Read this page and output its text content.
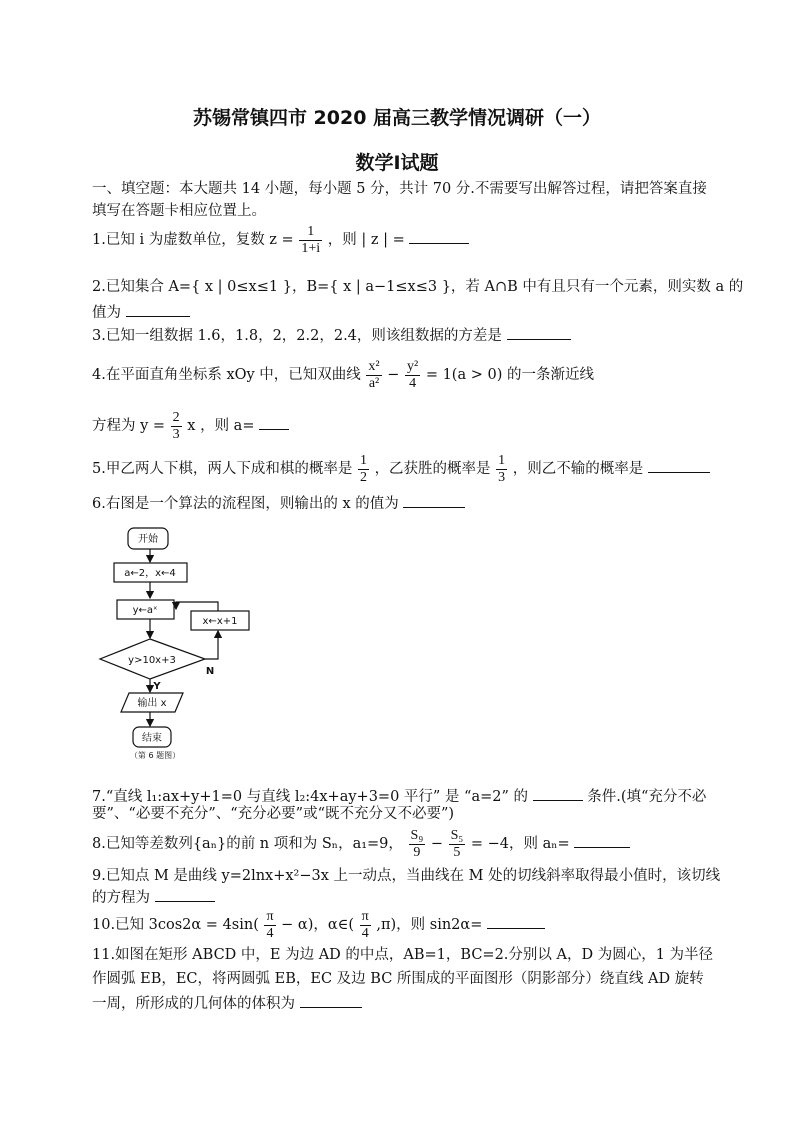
苏锡常镇四市 2020 届高三教学情况调研（一）
数学Ⅰ试题
一、填空题：本大题共 14 小题，每小题 5 分，共计 70 分.不需要写出解答过程，请把答案直接
填写在答题卡相应位置上。
1.已知 i 为虚数单位，复数 $z = \frac{1}{1+i}$ ，则 | z | =
2.已知集合 A={ x | 0≤x≤1 }，B={ x | a−1≤x≤3 }，若 A∩B 中有且只有一个元素，则实数 a 的
值为
3.已知一组数据 1.6，1.8，2，2.2，2.4，则该组数据的方差是
4.在平面直角坐标系 xOy 中，已知双曲线 $\frac{\text{x²}}{\text{a²}} - \frac{\text{y²}}{4} = 1(a > 0)$ 的一条渐近线
方程为 $y = \frac{2}{3}$ x ，则 a=
5.甲乙两人下棋，两人下成和棋的概率是 $\frac{1}{2}$ ，乙获胜的概率是 $\frac{1}{3}$ ，则乙不输的概率是
6.右图是一个算法的流程图，则输出的 x 的值为
开始
a←2，x←4
y←aˣ
x←x+1
y>10x+3
Y
N
输出 x
结束
（第 6 题图）
7.“直线 l₁:ax+y+1=0 与直线 l₂:4x+ay+3=0 平行” 是 “a=2” 的	条件.(填“充分不必
要”、“必要不充分”、“充分必要”或“既不充分又不必要”)
8.已知等差数列{aₙ}的前 n 项和为 Sₙ，a₁=9， $\frac{\text{S₉}}{9} - \frac{\text{S₅}}{5} = -4$，则 aₙ=
9.已知点 M 是曲线 y=2lnx+x²−3x 上一动点，当曲线在 M 处的切线斜率取得最小值时，该切线
的方程为
10.已知 $3\cos 2\alpha = 4\sin( \frac{\pi}{4} - \alpha)$，α∈( $\frac{\pi}{4} ,\pi$)，则 sin2α=
11.如图在矩形 ABCD 中，E 为边 AD 的中点，AB=1，BC=2.分别以 A，D 为圆心，1 为半径
作圆弧 EB，EC，将两圆弧 EB，EC 及边 BC 所围成的平面图形（阴影部分）绕直线 AD 旋转
一周，所形成的几何体的体积为
